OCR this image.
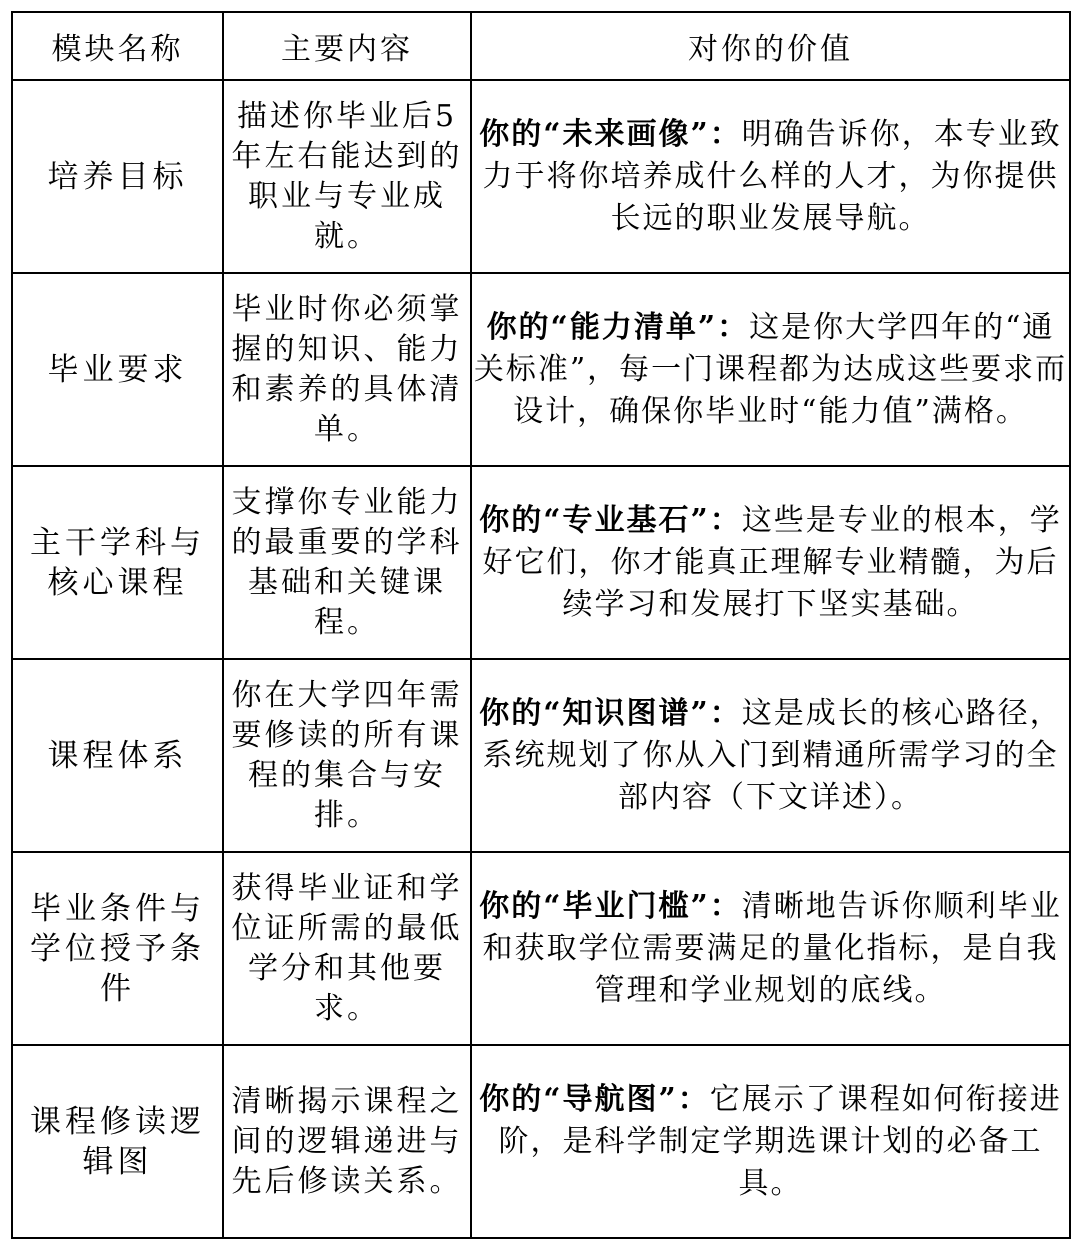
模块名称	主要内容	对你的价值
培养目标	描述你毕业后5年左右能达到的职业与专业成就。	你的“未来画像”：明确告诉你，本专业致力于将你培养成什么样的人才，为你提供长远的职业发展导航。
毕业要求	毕业时你必须掌握的知识、能力和素养的具体清单。	你的“能力清单”：这是你大学四年的“通关标准”，每一门课程都为达成这些要求而设计，确保你毕业时“能力值”满格。
主干学科与核心课程	支撑你专业能力的最重要的学科基础和关键课程。	你的“专业基石”：这些是专业的根本，学好它们，你才能真正理解专业精髓，为后续学习和发展打下坚实基础。
课程体系	你在大学四年需要修读的所有课程的集合与安排。	你的“知识图谱”：这是成长的核心路径，系统规划了你从入门到精通所需学习的全部内容（下文详述）。
毕业条件与学位授予条件	获得毕业证和学位证所需的最低学分和其他要求。	你的“毕业门槛”：清晰地告诉你顺利毕业和获取学位需要满足的量化指标，是自我管理和学业规划的底线。
课程修读逻辑图	清晰揭示课程之间的逻辑递进与先后修读关系。	你的“导航图”：它展示了课程如何衔接进阶，是科学制定学期选课计划的必备工具。
